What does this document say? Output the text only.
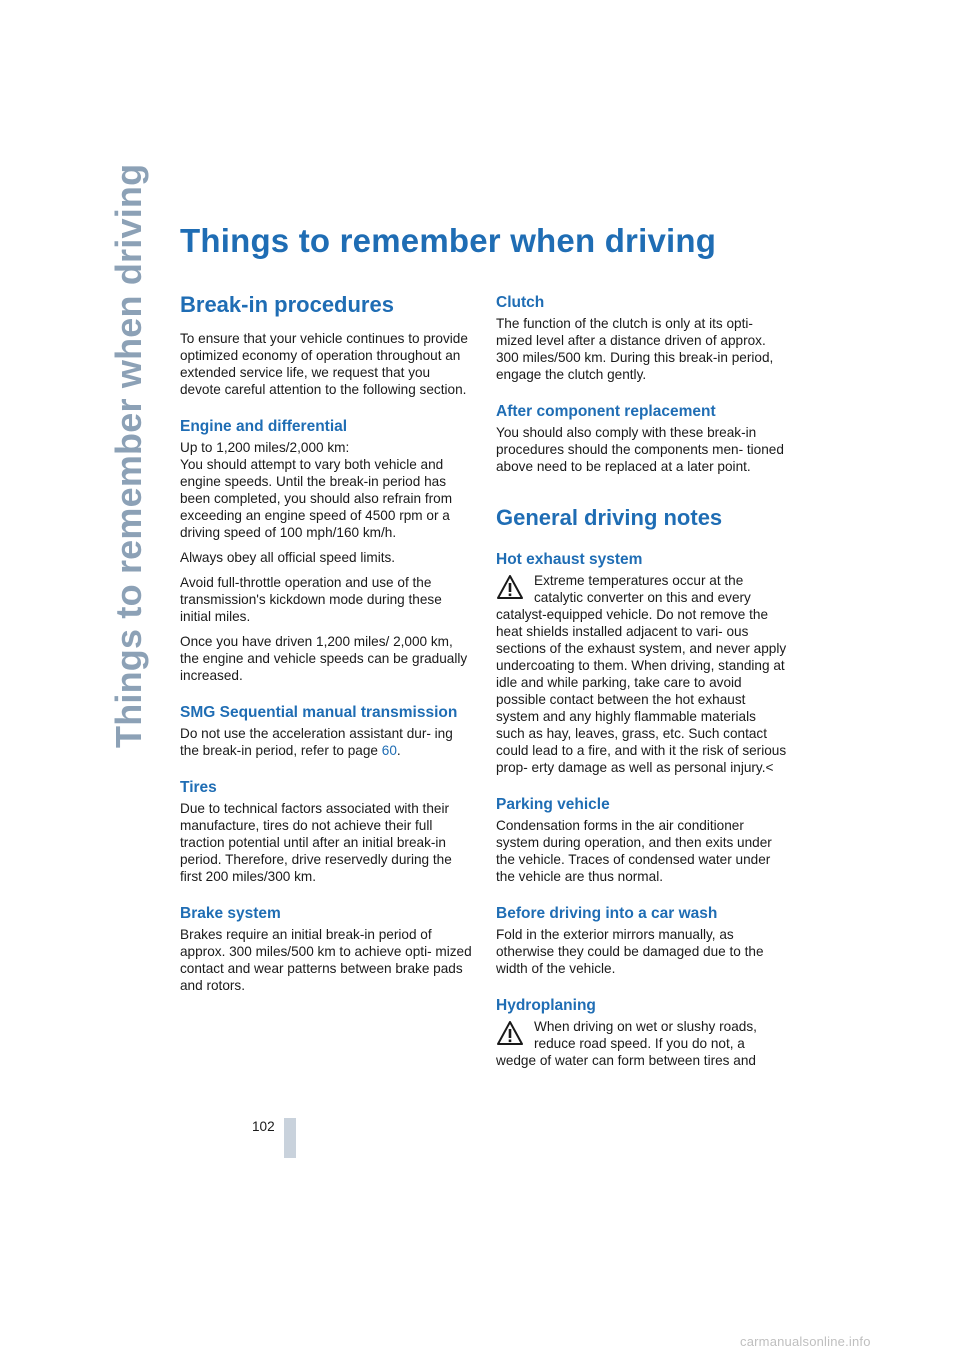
Things to remember when driving Things to remember when driving
Break-in procedures

To ensure that your vehicle continues to provide optimized economy of operation throughout an extended service life, we request that you devote careful attention to the following section.

Engine and differential

Up to 1,200 miles/2,000 km:

You should attempt to vary both vehicle and engine speeds. Until the break-in period has been completed, you should also refrain from exceeding an engine speed of 4500 rpm or a driving speed of 100 mph/160 km/h.

Always obey all official speed limits.

Avoid full-throttle operation and use of the transmission's kickdown mode during these initial miles.

Once you have driven 1,200 miles/ 2,000 km, the engine and vehicle speeds can be gradually increased.

SMG Sequential manual transmission

Do not use the acceleration assistant dur- ing the break-in period, refer to page 60.

Tires

Due to technical factors associated with their manufacture, tires do not achieve their full traction potential until after an initial break-in period. Therefore, drive reservedly during the first 200 miles/300 km.

Brake system

Brakes require an initial break-in period of approx. 300 miles/500 km to achieve opti- mized contact and wear patterns between brake pads and rotors.

Clutch

The function of the clutch is only at its opti- mized level after a distance driven of approx. 300 miles/500 km. During this break-in period, engage the clutch gently.

After component replacement

You should also comply with these break-in procedures should the components men- tioned above need to be replaced at a later point.

General driving notes
Hot exhaust system

Extreme temperatures occur at the catalytic converter on this and every catalyst-equipped vehicle. Do not remove the heat shields installed adjacent to vari- ous sections of the exhaust system, and never apply undercoating to them. When driving, standing at idle and while parking, take care to avoid possible contact between the hot exhaust system and any highly flammable materials such as hay, leaves, grass, etc. Such contact could lead to a fire, and with it the risk of serious prop- erty damage as well as personal injury.<

Parking vehicle

Condensation forms in the air conditioner system during operation, and then exits under the vehicle. Traces of condensed water under the vehicle are thus normal.

Before driving into a car wash

Fold in the exterior mirrors manually, as otherwise they could be damaged due to the width of the vehicle.

Hydroplaning

When driving on wet or slushy roads, reduce road speed. If you do not, a wedge of water can form between tires and

102
carmanualsonline.info
